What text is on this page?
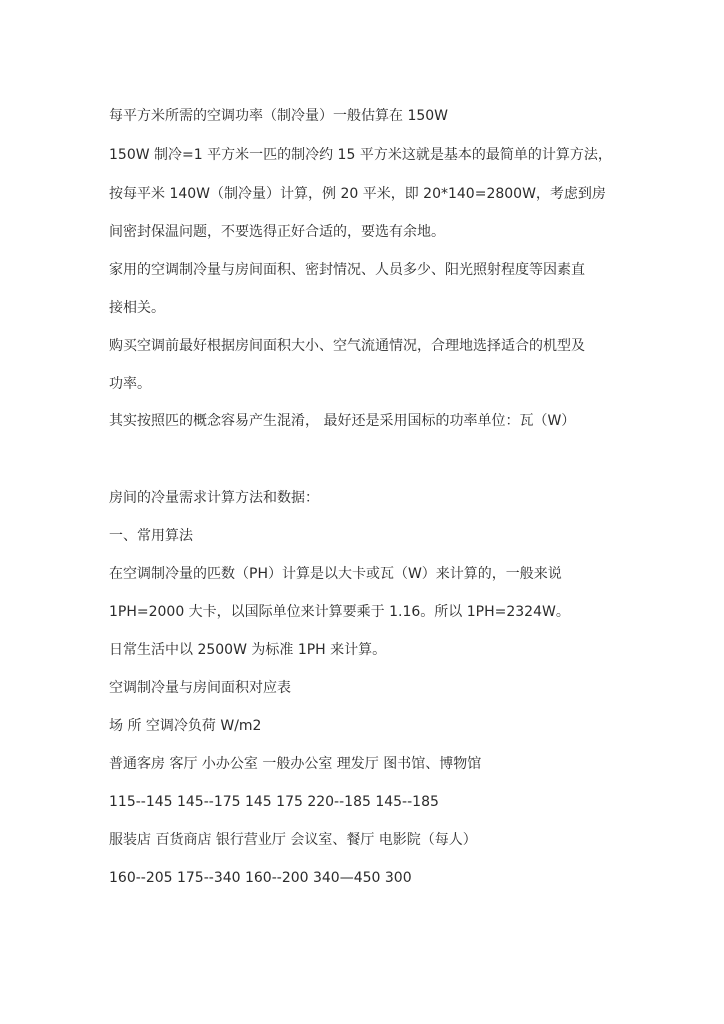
每平方米所需的空调功率（制冷量）一般估算在 150W

150W 制冷=1 平方米一匹的制冷约 15 平方米这就是基本的最简单的计算方法，

按每平米 140W（制冷量）计算，例 20 平米，即 20*140=2800W，考虑到房

间密封保温问题，不要选得正好合适的，要选有余地。

家用的空调制冷量与房间面积、密封情况、人员多少、阳光照射程度等因素直

接相关。

购买空调前最好根据房间面积大小、空气流通情况，合理地选择适合的机型及

功率。

其实按照匹的概念容易产生混淆， 最好还是采用国标的功率单位：瓦（W）

房间的冷量需求计算方法和数据：

一、常用算法

在空调制冷量的匹数（PH）计算是以大卡或瓦（W）来计算的，一般来说

1PH=2000 大卡，以国际单位来计算要乘于 1.16。所以 1PH=2324W。

日常生活中以 2500W 为标准 1PH 来计算。

空调制冷量与房间面积对应表

场 所 空调冷负荷 W/m2

普通客房 客厅 小办公室 一般办公室 理发厅 图书馆、博物馆

115--145 145--175 145 175 220--185 145--185

服装店 百货商店 银行营业厅 会议室、餐厅 电影院（每人）

160--205 175--340 160--200 340—450 300
